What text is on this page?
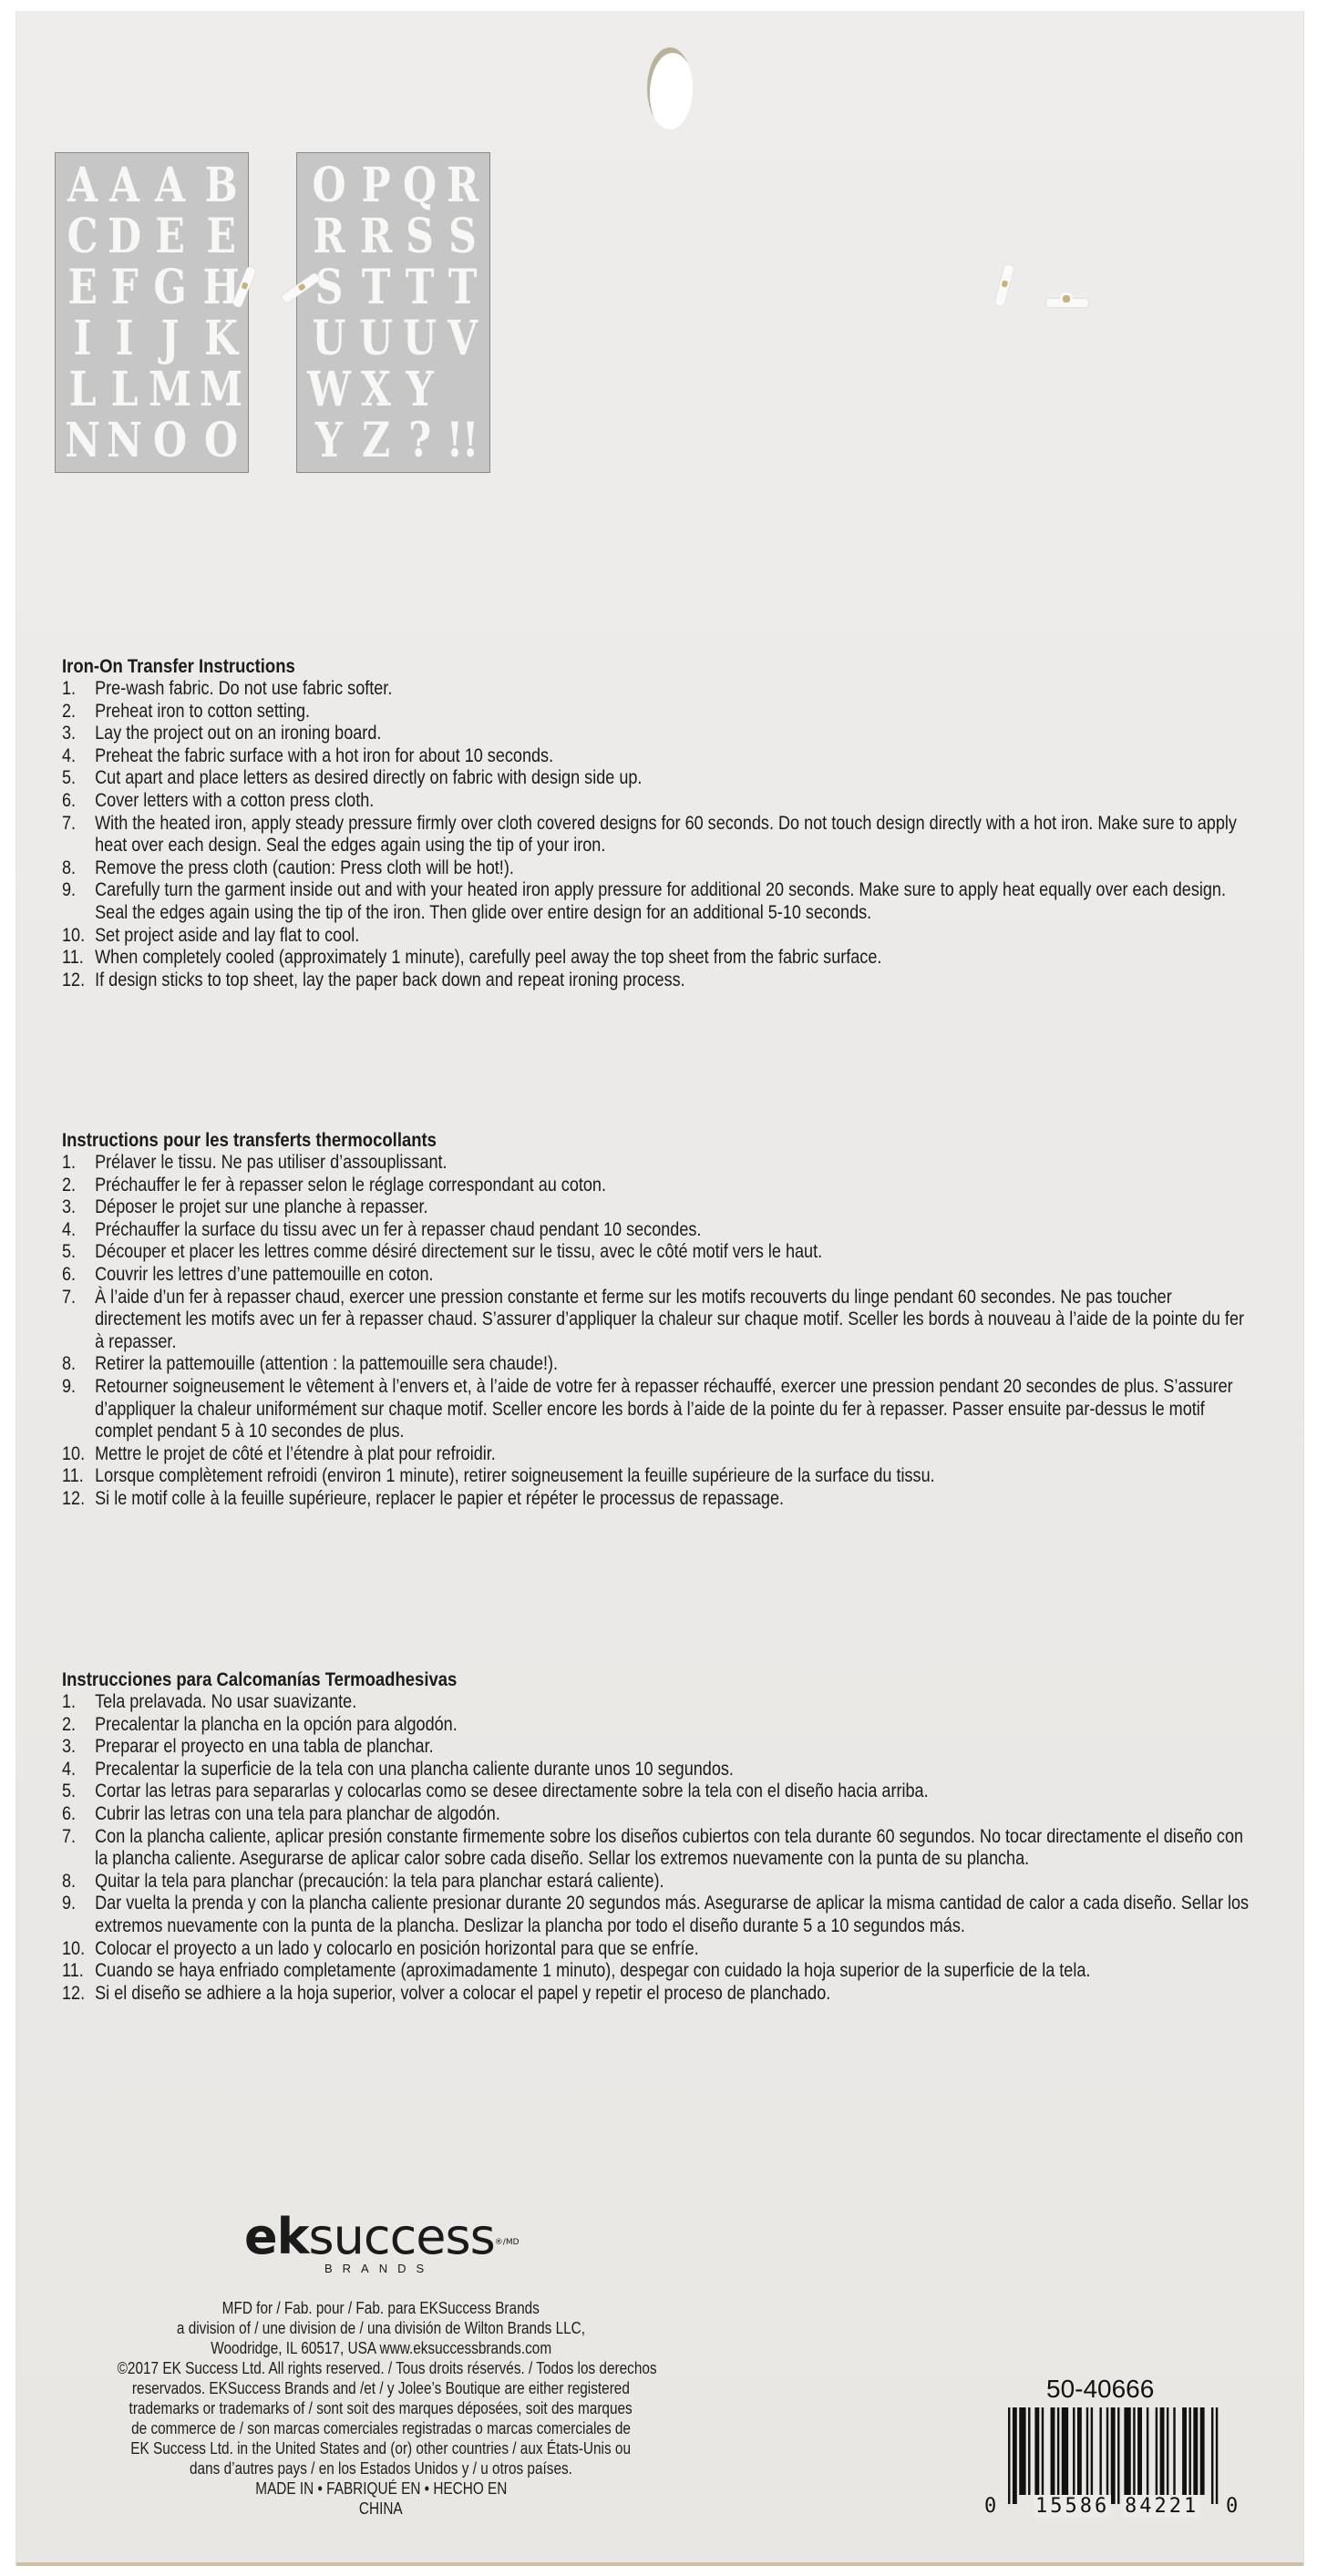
A A A B
C D E E
E F G H
I I J K
L L M M
N N O O
O P Q R
R R S S
S T T T
U U U V
W X Y
Y Z ? !!
Iron-On Transfer Instructions
1. Pre-wash fabric. Do not use fabric softer.
2. Preheat iron to cotton setting.
3. Lay the project out on an ironing board.
4. Preheat the fabric surface with a hot iron for about 10 seconds.
5. Cut apart and place letters as desired directly on fabric with design side up.
6. Cover letters with a cotton press cloth.
7. With the heated iron, apply steady pressure firmly over cloth covered designs for 60 seconds. Do not touch design directly with a hot iron. Make sure to apply heat over each design. Seal the edges again using the tip of your iron.
8. Remove the press cloth (caution: Press cloth will be hot!).
9. Carefully turn the garment inside out and with your heated iron apply pressure for additional 20 seconds. Make sure to apply heat equally over each design. Seal the edges again using the tip of the iron. Then glide over entire design for an additional 5-10 seconds.
10. Set project aside and lay flat to cool.
11. When completely cooled (approximately 1 minute), carefully peel away the top sheet from the fabric surface.
12. If design sticks to top sheet, lay the paper back down and repeat ironing process.
Instructions pour les transferts thermocollants
1. Prélaver le tissu. Ne pas utiliser d’assouplissant.
2. Préchauffer le fer à repasser selon le réglage correspondant au coton.
3. Déposer le projet sur une planche à repasser.
4. Préchauffer la surface du tissu avec un fer à repasser chaud pendant 10 secondes.
5. Découper et placer les lettres comme désiré directement sur le tissu, avec le côté motif vers le haut.
6. Couvrir les lettres d’une pattemouille en coton.
7. À l’aide d’un fer à repasser chaud, exercer une pression constante et ferme sur les motifs recouverts du linge pendant 60 secondes. Ne pas toucher directement les motifs avec un fer à repasser chaud. S’assurer d’appliquer la chaleur sur chaque motif. Sceller les bords à nouveau à l’aide de la pointe du fer à repasser.
8. Retirer la pattemouille (attention : la pattemouille sera chaude!).
9. Retourner soigneusement le vêtement à l’envers et, à l’aide de votre fer à repasser réchauffé, exercer une pression pendant 20 secondes de plus. S’assurer d’appliquer la chaleur uniformément sur chaque motif. Sceller encore les bords à l’aide de la pointe du fer à repasser. Passer ensuite par-dessus le motif complet pendant 5 à 10 secondes de plus.
10. Mettre le projet de côté et l’étendre à plat pour refroidir.
11. Lorsque complètement refroidi (environ 1 minute), retirer soigneusement la feuille supérieure de la surface du tissu.
12. Si le motif colle à la feuille supérieure, replacer le papier et répéter le processus de repassage.
Instrucciones para Calcomanías Termoadhesivas
1. Tela prelavada. No usar suavizante.
2. Precalentar la plancha en la opción para algodón.
3. Preparar el proyecto en una tabla de planchar.
4. Precalentar la superficie de la tela con una plancha caliente durante unos 10 segundos.
5. Cortar las letras para separarlas y colocarlas como se desee directamente sobre la tela con el diseño hacia arriba.
6. Cubrir las letras con una tela para planchar de algodón.
7. Con la plancha caliente, aplicar presión constante firmemente sobre los diseños cubiertos con tela durante 60 segundos. No tocar directamente el diseño con la plancha caliente. Asegurarse de aplicar calor sobre cada diseño. Sellar los extremos nuevamente con la punta de su plancha.
8. Quitar la tela para planchar (precaución: la tela para planchar estará caliente).
9. Dar vuelta la prenda y con la plancha caliente presionar durante 20 segundos más. Asegurarse de aplicar la misma cantidad de calor a cada diseño. Sellar los extremos nuevamente con la punta de la plancha. Deslizar la plancha por todo el diseño durante 5 a 10 segundos más.
10. Colocar el proyecto a un lado y colocarlo en posición horizontal para que se enfríe.
11. Cuando se haya enfriado completamente (aproximadamente 1 minuto), despegar con cuidado la hoja superior de la superficie de la tela.
12. Si el diseño se adhiere a la hoja superior, volver a colocar el papel y repetir el proceso de planchado.
eksuccess$^{®/MD}$
BRANDS
MFD for / Fab. pour / Fab. para EKSuccess Brands
a division of / une division de / una división de Wilton Brands LLC,
Woodridge, IL 60517, USA www.eksuccessbrands.com
©2017 EK Success Ltd. All rights reserved. / Tous droits réservés. / Todos los derechos
reservados. EKSuccess Brands and /et / y Jolee’s Boutique are either registered
trademarks or trademarks of / sont soit des marques déposées, soit des marques
de commerce de / son marcas comerciales registradas o marcas comerciales de
EK Success Ltd. in the United States and (or) other countries / aux États-Unis ou
dans d’autres pays / en los Estados Unidos y / u otros países.
MADE IN • FABRIQUÉ EN • HECHO EN
CHINA
50-40666
0 15586 84221 0
